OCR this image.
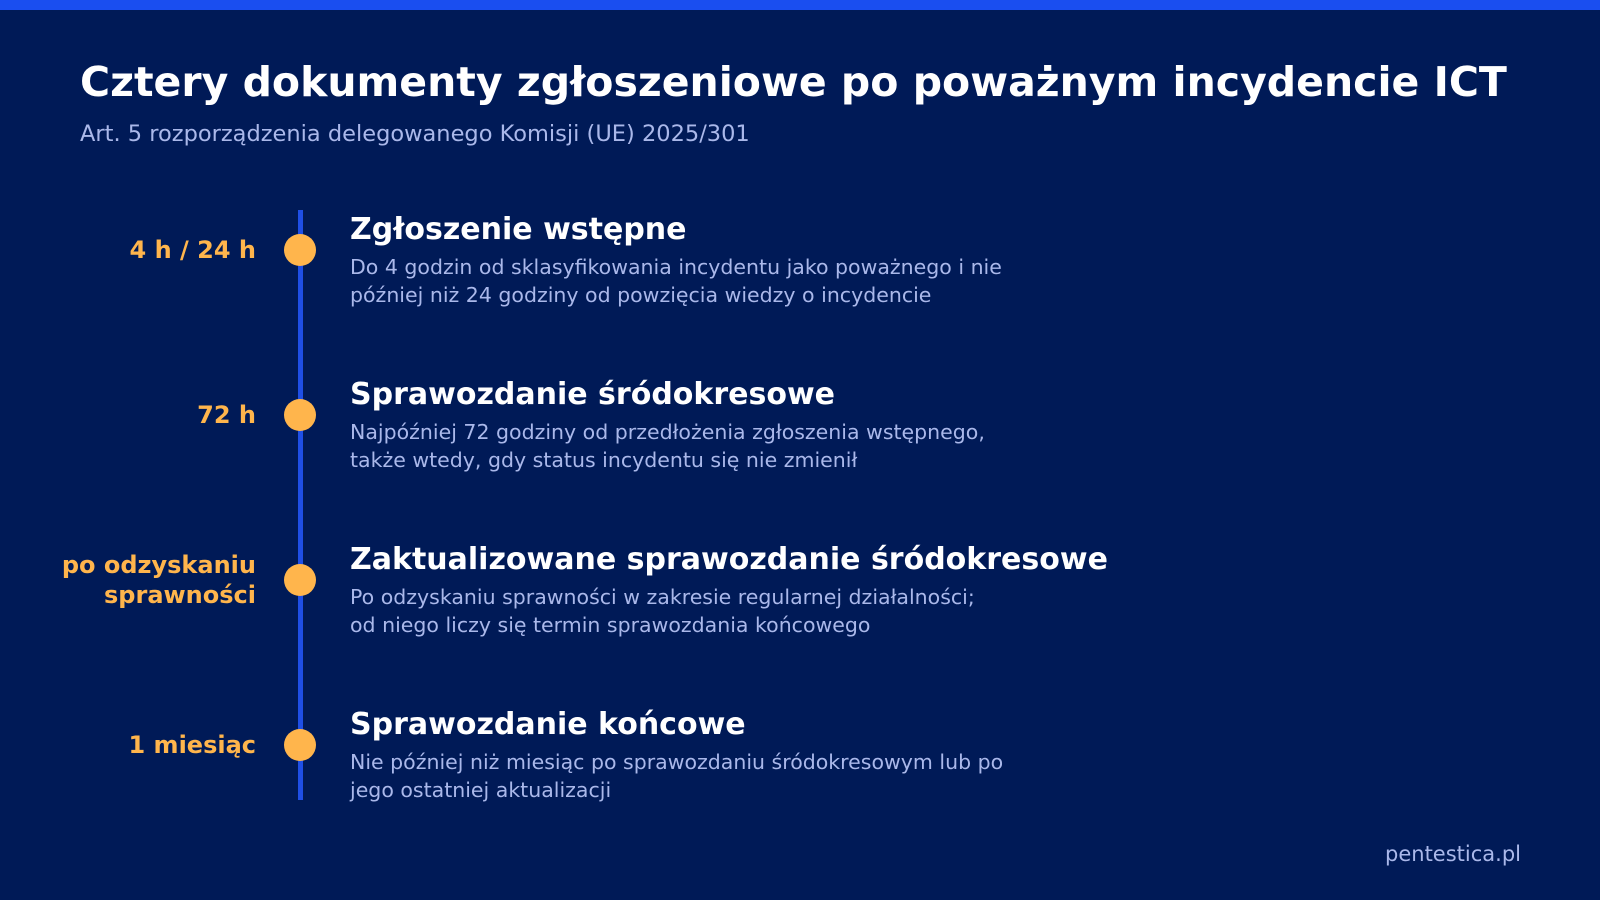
Cztery dokumenty zgłoszeniowe po poważnym incydencie ICT

Art. 5 rozporządzenia delegowanego Komisji (UE) 2025/301

4 h / 24 h
Zgłoszenie wstępne
Do 4 godzin od sklasyfikowania incydentu jako poważnego i nie
później niż 24 godziny od powzięcia wiedzy o incydencie
72 h
Sprawozdanie śródokresowe
Najpóźniej 72 godziny od przedłożenia zgłoszenia wstępnego,
także wtedy, gdy status incydentu się nie zmienił
po odzyskaniu
sprawności
Zaktualizowane sprawozdanie śródokresowe
Po odzyskaniu sprawności w zakresie regularnej działalności;
od niego liczy się termin sprawozdania końcowego
1 miesiąc
Sprawozdanie końcowe
Nie później niż miesiąc po sprawozdaniu śródokresowym lub po
jego ostatniej aktualizacji
pentestica.pl
